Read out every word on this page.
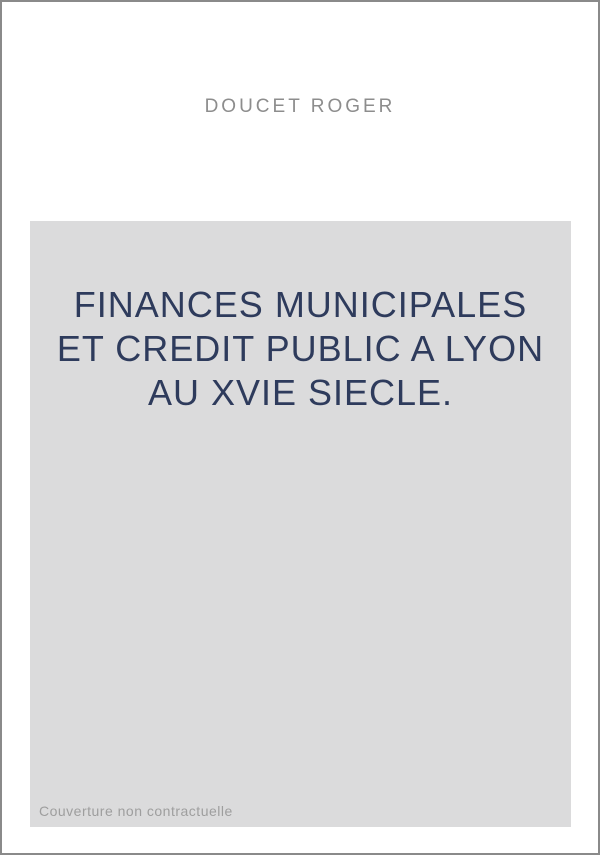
DOUCET ROGER
FINANCES MUNICIPALES
ET CREDIT PUBLIC A LYON
AU XVIE SIECLE.
Couverture non contractuelle
